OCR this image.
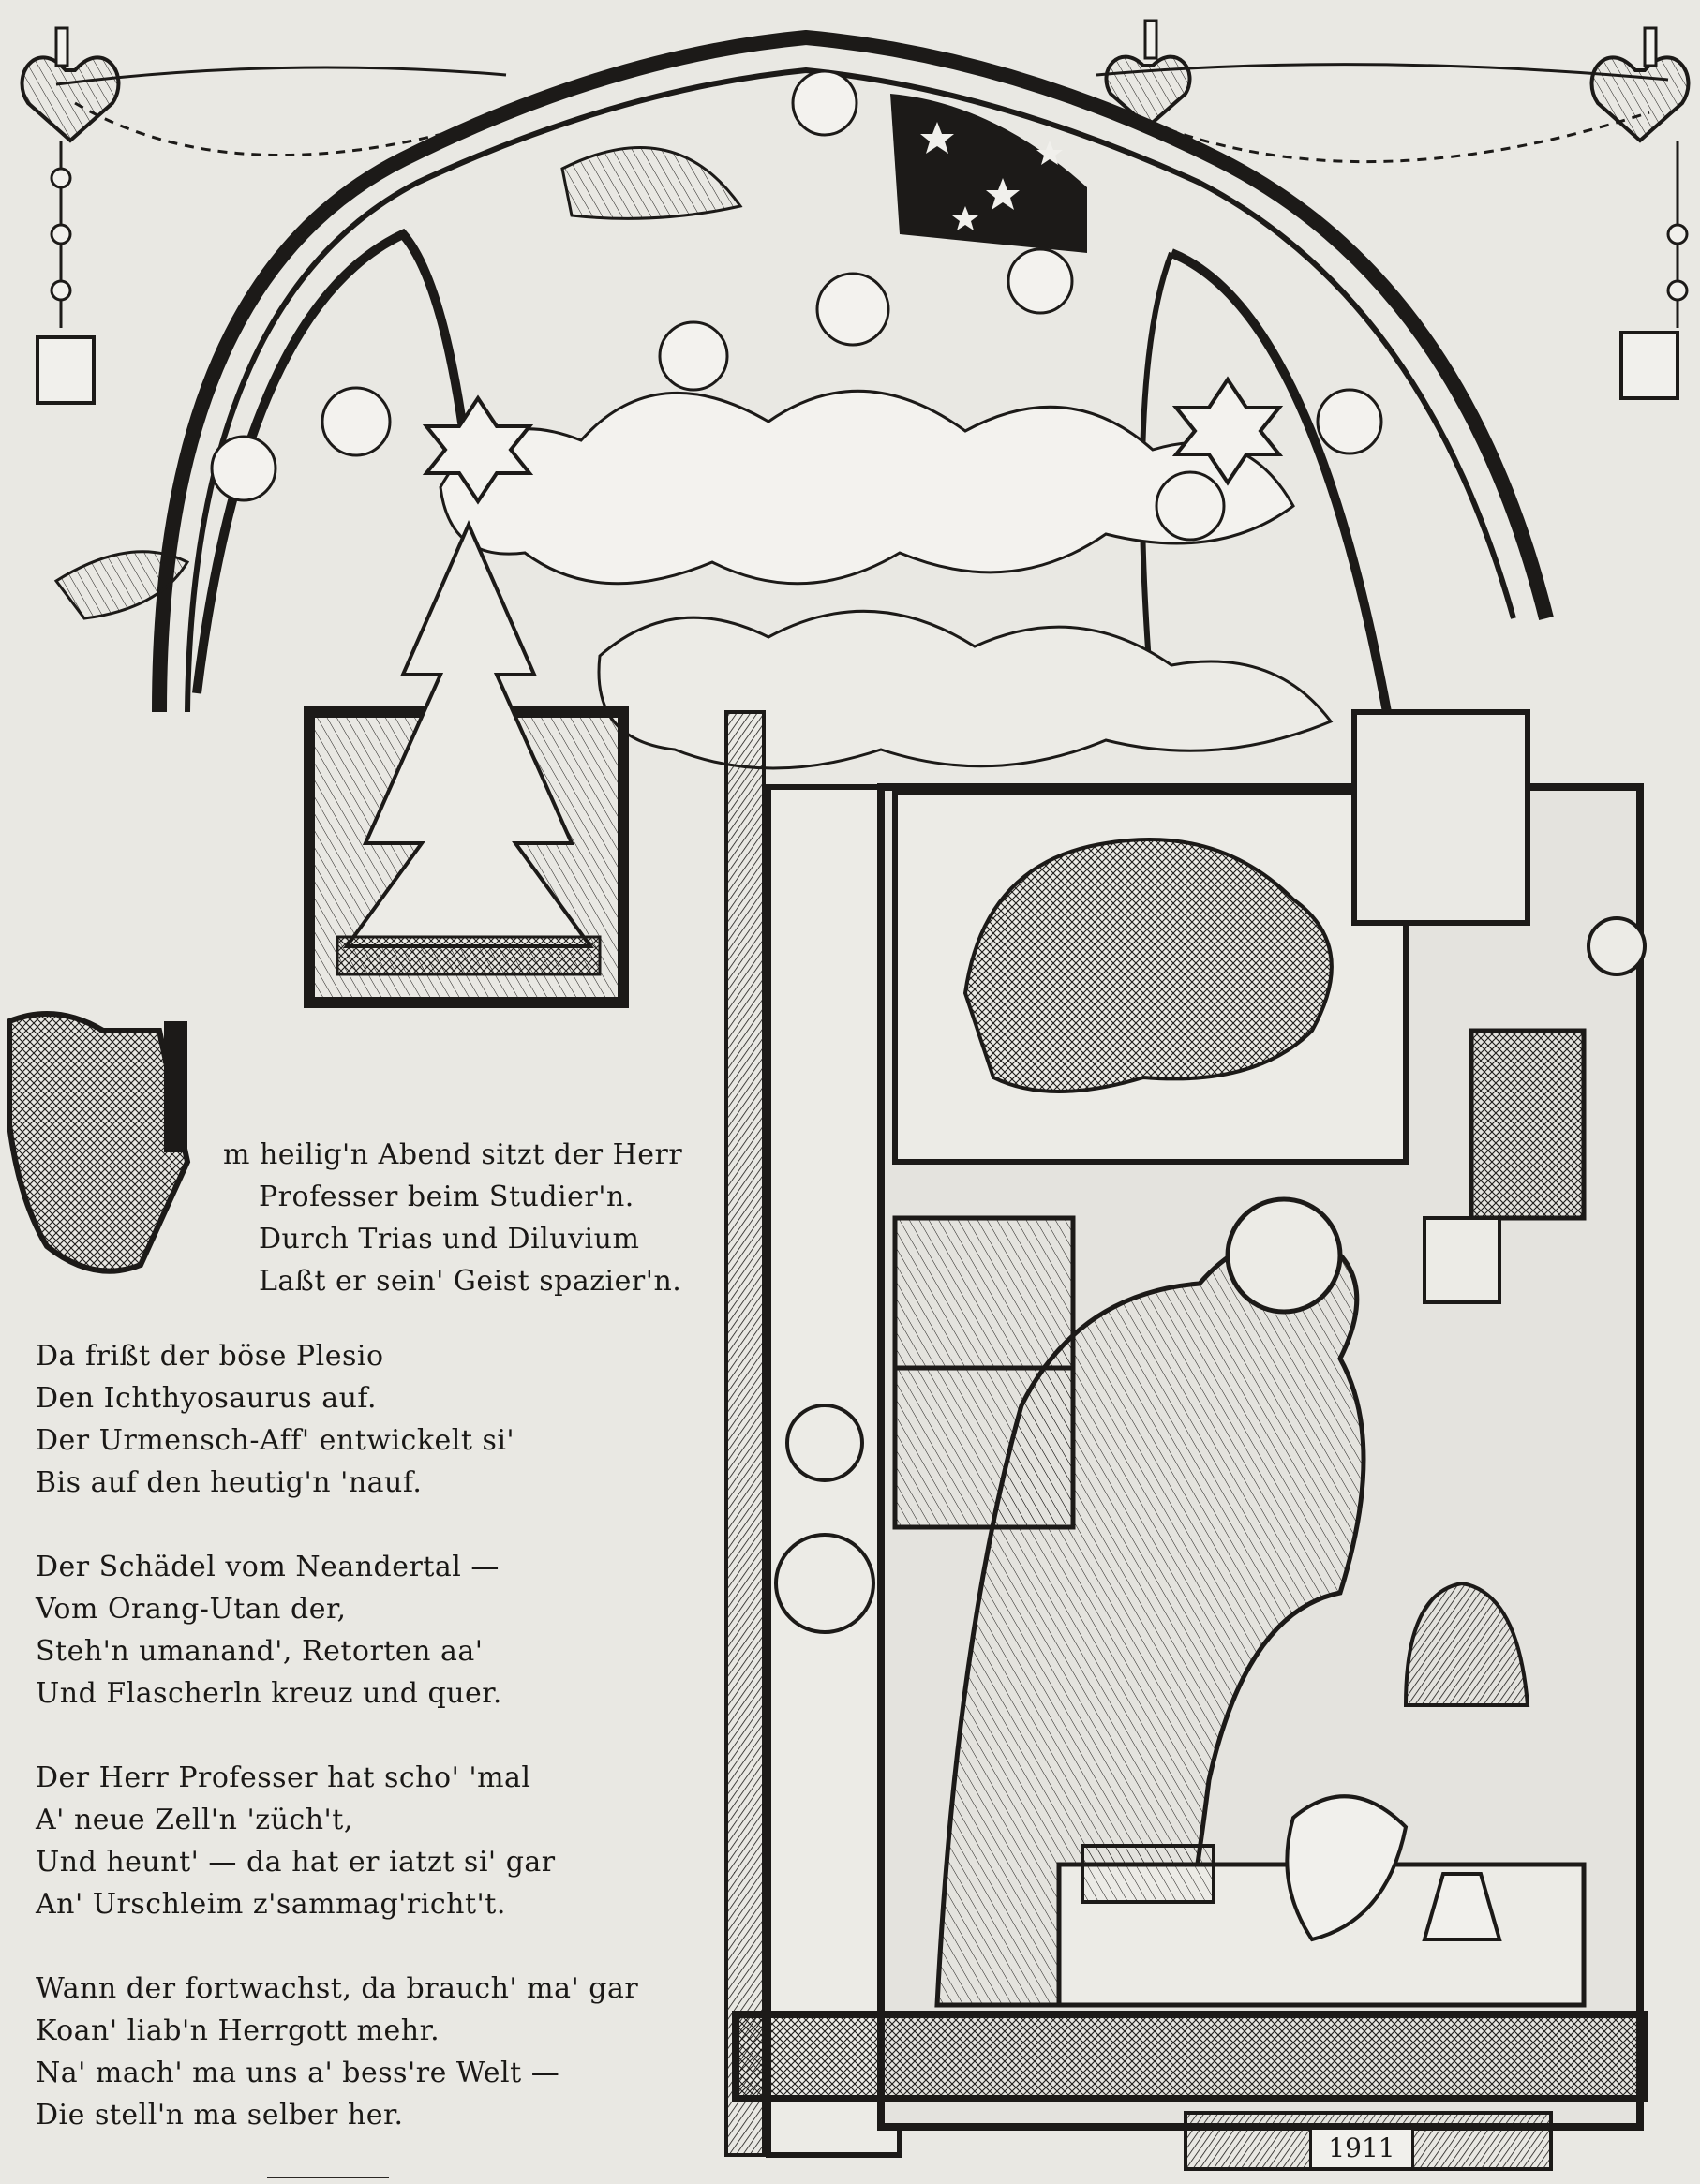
m heilig'n Abend sitzt der Herr
Professer beim Studier'n.
Durch Trias und Diluvium
Laßt er sein' Geist spazier'n.
Da frißt der böse Plesio
Den Ichthyosaurus auf.
Der Urmensch-Aff' entwickelt si'
Bis auf den heutig'n 'nauf.
Der Schädel vom Neandertal —
Vom Orang-Utan der,
Steh'n umanand', Retorten aa'
Und Flascherln kreuz und quer.
Der Herr Professer hat scho' 'mal
A' neue Zell'n 'züch't,
Und heunt' — da hat er iatzt si' gar
An' Urschleim z'sammag'richt't.
Wann der fortwachst, da brauch' ma' gar
Koan' liab'n Herrgott mehr.
Na' mach' ma uns a' bess're Welt —
Die stell'n ma selber her.
1911
